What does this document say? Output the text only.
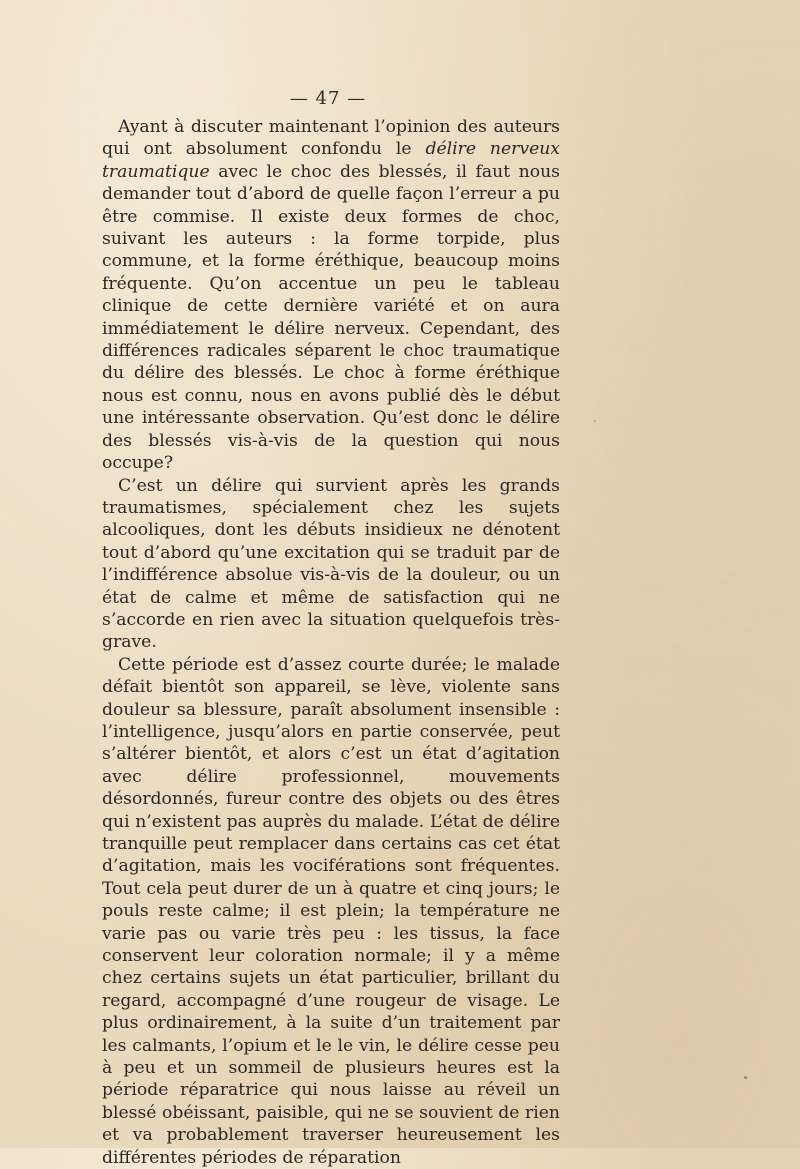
— 47 —

Ayant à discuter maintenant l’opinion des auteurs qui ont absolument confondu le délire nerveux traumatique avec le choc des blessés, il faut nous demander tout d’abord de quelle façon l’erreur a pu être commise. Il existe deux formes de choc, suivant les auteurs : la forme torpide, plus commune, et la forme éréthique, beaucoup moins fréquente. Qu’on accentue un peu le tableau clinique de cette dernière variété et on aura immédiatement le délire nerveux. Cependant, des différences radicales séparent le choc traumatique du délire des blessés. Le choc à forme éréthique nous est connu, nous en avons publié dès le début une intéressante observation. Qu’est donc le délire des blessés vis-à-vis de la question qui nous occupe?

C’est un délire qui survient après les grands traumatismes, spécialement chez les sujets alcooliques, dont les débuts insidieux ne dénotent tout d’abord qu’une excitation qui se traduit par de l’indifférence absolue vis-à-vis de la douleur, ou un état de calme et même de satisfaction qui ne s’accorde en rien avec la situation quelquefois très-grave.

Cette période est d’assez courte durée; le malade défait bientôt son appareil, se lève, violente sans douleur sa blessure, paraît absolument insensible : l’intelligence, jusqu’alors en partie conservée, peut s’altérer bientôt, et alors c’est un état d’agitation avec délire professionnel, mouvements désordonnés, fureur contre des objets ou des êtres qui n’existent pas auprès du malade. L’état de délire tranquille peut remplacer dans certains cas cet état d’agitation, mais les vociférations sont fréquentes. Tout cela peut durer de un à quatre et cinq jours; le pouls reste calme; il est plein; la température ne varie pas ou varie très peu : les tissus, la face conservent leur coloration normale; il y a même chez certains sujets un état particulier, brillant du regard, accompagné d’une rougeur de visage. Le plus ordinairement, à la suite d’un traitement par les calmants, l’opium et le le vin, le délire cesse peu à peu et un sommeil de plusieurs heures est la période réparatrice qui nous laisse au réveil un blessé obéissant, paisible, qui ne se souvient de rien et va probablement traverser heureusement les différentes périodes de réparation
